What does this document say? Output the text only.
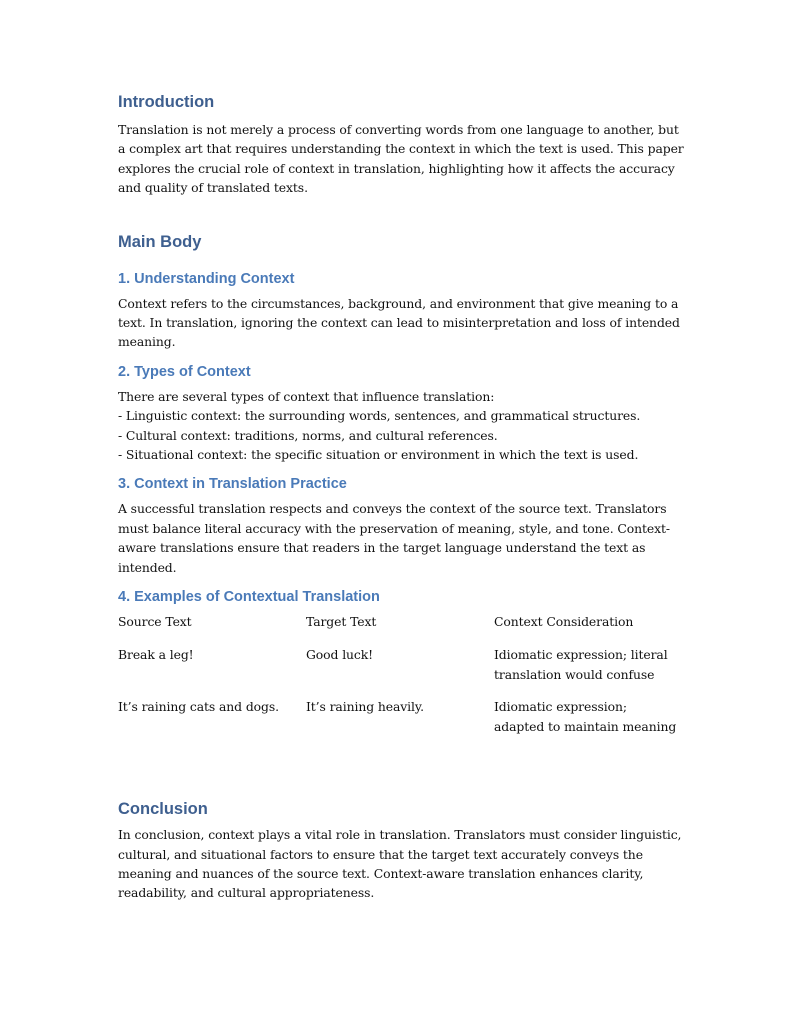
Introduction

Translation is not merely a process of converting words from one language to another, but a complex art that requires understanding the context in which the text is used. This paper explores the crucial role of context in translation, highlighting how it affects the accuracy and quality of translated texts.

Main Body
1. Understanding Context

Context refers to the circumstances, background, and environment that give meaning to a text. In translation, ignoring the context can lead to misinterpretation and loss of intended meaning.

2. Types of Context
There are several types of context that influence translation:
- Linguistic context: the surrounding words, sentences, and grammatical structures.
- Cultural context: traditions, norms, and cultural references.
- Situational context: the specific situation or environment in which the text is used.
3. Context in Translation Practice

A successful translation respects and conveys the context of the source text. Translators must balance literal accuracy with the preservation of meaning, style, and tone. Context-aware translations ensure that readers in the target language understand the text as intended.

4. Examples of Contextual Translation
Source Text	Target Text	Context Consideration
Break a leg!	Good luck!	Idiomatic expression; literal translation would confuse
It’s raining cats and dogs.	It’s raining heavily.	Idiomatic expression; adapted to maintain meaning
Conclusion

In conclusion, context plays a vital role in translation. Translators must consider linguistic, cultural, and situational factors to ensure that the target text accurately conveys the meaning and nuances of the source text. Context-aware translation enhances clarity, readability, and cultural appropriateness.
